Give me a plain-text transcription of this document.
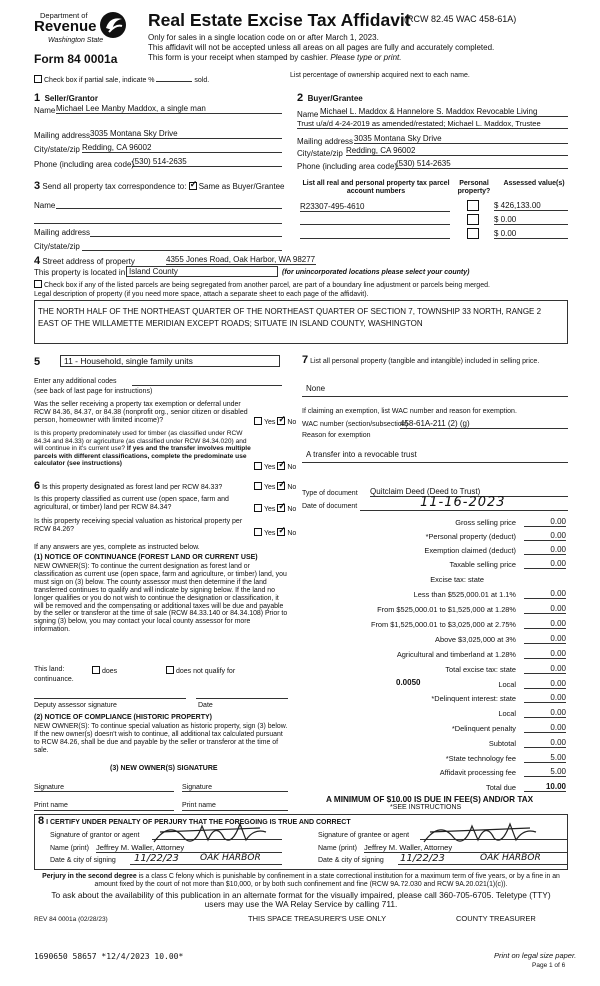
Department of
Revenue
Washington State
Form 84 0001a
Real Estate Excise Tax Affidavit
(RCW 82.45 WAC 458-61A)
Only for sales in a single location code on or after March 1, 2023.
This affidavit will not be accepted unless all areas on all pages are fully and accurately completed.
This form is your receipt when stamped by cashier. Please type or print.
Check box if partial sale, indicate %	sold.
List percentage of ownership acquired next to each name.
1 Seller/Grantor
Name Michael Lee Manby Maddox, a single man
Mailing address 3035 Montana Sky Drive
City/state/zip Redding, CA 96002
Phone (including area code)
(530) 514-2635
2 Buyer/Grantee
Name Michael L. Maddox & Hannelore S. Maddox Revocable Living
Trust u/a/d 4-24-2019 as amended/restated; Michael L. Maddox, Trustee
Mailing address 3035 Montana Sky Drive
City/state/zip Redding, CA 96002
Phone (including area code)
(530) 514-2635
3 Send all property tax correspondence to: ✓ Same as Buyer/Grantee
Name
Mailing address
City/state/zip
List all real and personal property tax parcel account numbers
Personal property?
Assessed value(s)
R23307-495-4610	$ 426,133.00
$ 0.00
$ 0.00
4 Street address of property	4355 Jones Road, Oak Harbor, WA 98277
This property is located in Island County	(for unincorporated locations please select your county)
Check box if any of the listed parcels are being segregated from another parcel, are part of a boundary line adjustment or parcels being merged.
Legal description of property (if you need more space, attach a separate sheet to each page of the affidavit).
THE NORTH HALF OF THE NORTHEAST QUARTER OF THE NORTHEAST QUARTER OF SECTION 7, TOWNSHIP 33 NORTH, RANGE 2 EAST OF THE WILLAMETTE MERIDIAN EXCEPT ROADS; SITUATE IN ISLAND COUNTY, WASHINGTON
5	11 - Household, single family units
Enter any additional codes
(see back of last page for instructions)
Was the seller receiving a property tax exemption or deferral under RCW 84.36, 84.37, or 84.38 (nonprofit org., senior citizen or disabled person, homeowner with limited income)?	Yes ✓ No
Is this property predominately used for timber (as classified under RCW 84.34 and 84.33) or agriculture (as classified under RCW 84.34.020) and will continue in it's current use? If yes and the transfer involves multiple parcels with different classifications, complete the predominate use calculator (see instructions)
Yes ✓ No
6 Is this property designated as forest land per RCW 84.33?	Yes ✓ No
Is this property classified as current use (open space, farm and agricultural, or timber) land per RCW 84.34?	Yes ✓ No
Is this property receiving special valuation as historical property per RCW 84.26?
Yes ✓ No
If any answers are yes, complete as instructed below.
(1) NOTICE OF CONTINUANCE (FOREST LAND OR CURRENT USE)
NEW OWNER(S): To continue the current designation as forest land or classification as current use (open space, farm and agriculture, or timber) land, you must sign on (3) below. The county assessor must then determine if the land transferred continues to qualify and will indicate by signing below. If the land no longer qualifies or you do not wish to continue the designation or classification, it will be removed and the compensating or additional taxes will be due and payable by the seller or transferor at the time of sale (RCW 84.33.140 or 84.34.108) Prior to signing (3) below, you may contact your local county assessor for more information.
This land:	does	does not qualify for
continuance.
Deputy assessor signature	Date
(2) NOTICE OF COMPLIANCE (HISTORIC PROPERTY)
NEW OWNER(S): To continue special valuation as historic property, sign (3) below. If the new owner(s) doesn't wish to continue, all additional tax calculated pursuant to RCW 84.26, shall be due and payable by the seller or transferor at the time of sale.
(3) NEW OWNER(S) SIGNATURE
Signature	Signature
Print name	Print name
7 List all personal property (tangible and intangible) included in selling price.
None
If claiming an exemption, list WAC number and reason for exemption.
WAC number (section/subsection)
458-61A-211 (2) (g)
Reason for exemption
A transfer into a revocable trust
Type of document Quitclaim Deed (Deed to Trust)
Date of document	11-16-2023
Gross selling price	0.00
*Personal property (deduct)	0.00
Exemption claimed (deduct)	0.00
Taxable selling price	0.00
Excise tax: state
Less than $525,000.01 at 1.1%	0.00
From $525,000.01 to $1,525,000 at 1.28%	0.00
From $1,525,000.01 to $3,025,000 at 2.75%	0.00
Above $3,025,000 at 3%	0.00
Agricultural and timberland at 1.28%	0.00
Total excise tax: state	0.00
Local	0.00
*Delinquent interest: state	0.00
Local	0.00
*Delinquent penalty	0.00
Subtotal	0.00
*State technology fee	5.00
Affidavit processing fee	5.00
Total due	10.00
0.0050
A MINIMUM OF $10.00 IS DUE IN FEE(S) AND/OR TAX
*SEE INSTRUCTIONS
8 I CERTIFY UNDER PENALTY OF PERJURY THAT THE FOREGOING IS TRUE AND CORRECT
Signature of grantor or agent
Name (print) Jeffrey M. Waller, Attorney
Date & city of signing 11/22/23 OAK HARBOR
Signature of grantee or agent
Name (print) Jeffrey M. Waller, Attorney
Date & city of signing 11/22/23	OAK HARBOR
Perjury in the second degree is a class C felony which is punishable by confinement in a state correctional institution for a maximum term of five years, or by a fine in an amount fixed by the court of not more than $10,000, or by both such confinement and fine (RCW 9A.72.030 and RCW 9A.20.021(1)(c)).
To ask about the availability of this publication in an alternate format for the visually impaired, please call 360-705-6705. Teletype (TTY) users may use the WA Relay Service by calling 711.
REV 84 0001a (02/28/23)	THIS SPACE TREASURER'S USE ONLY	COUNTY TREASURER
1690650 58657 *12/4/2023 10.00*	Print on legal size paper.
Page 1 of 6
